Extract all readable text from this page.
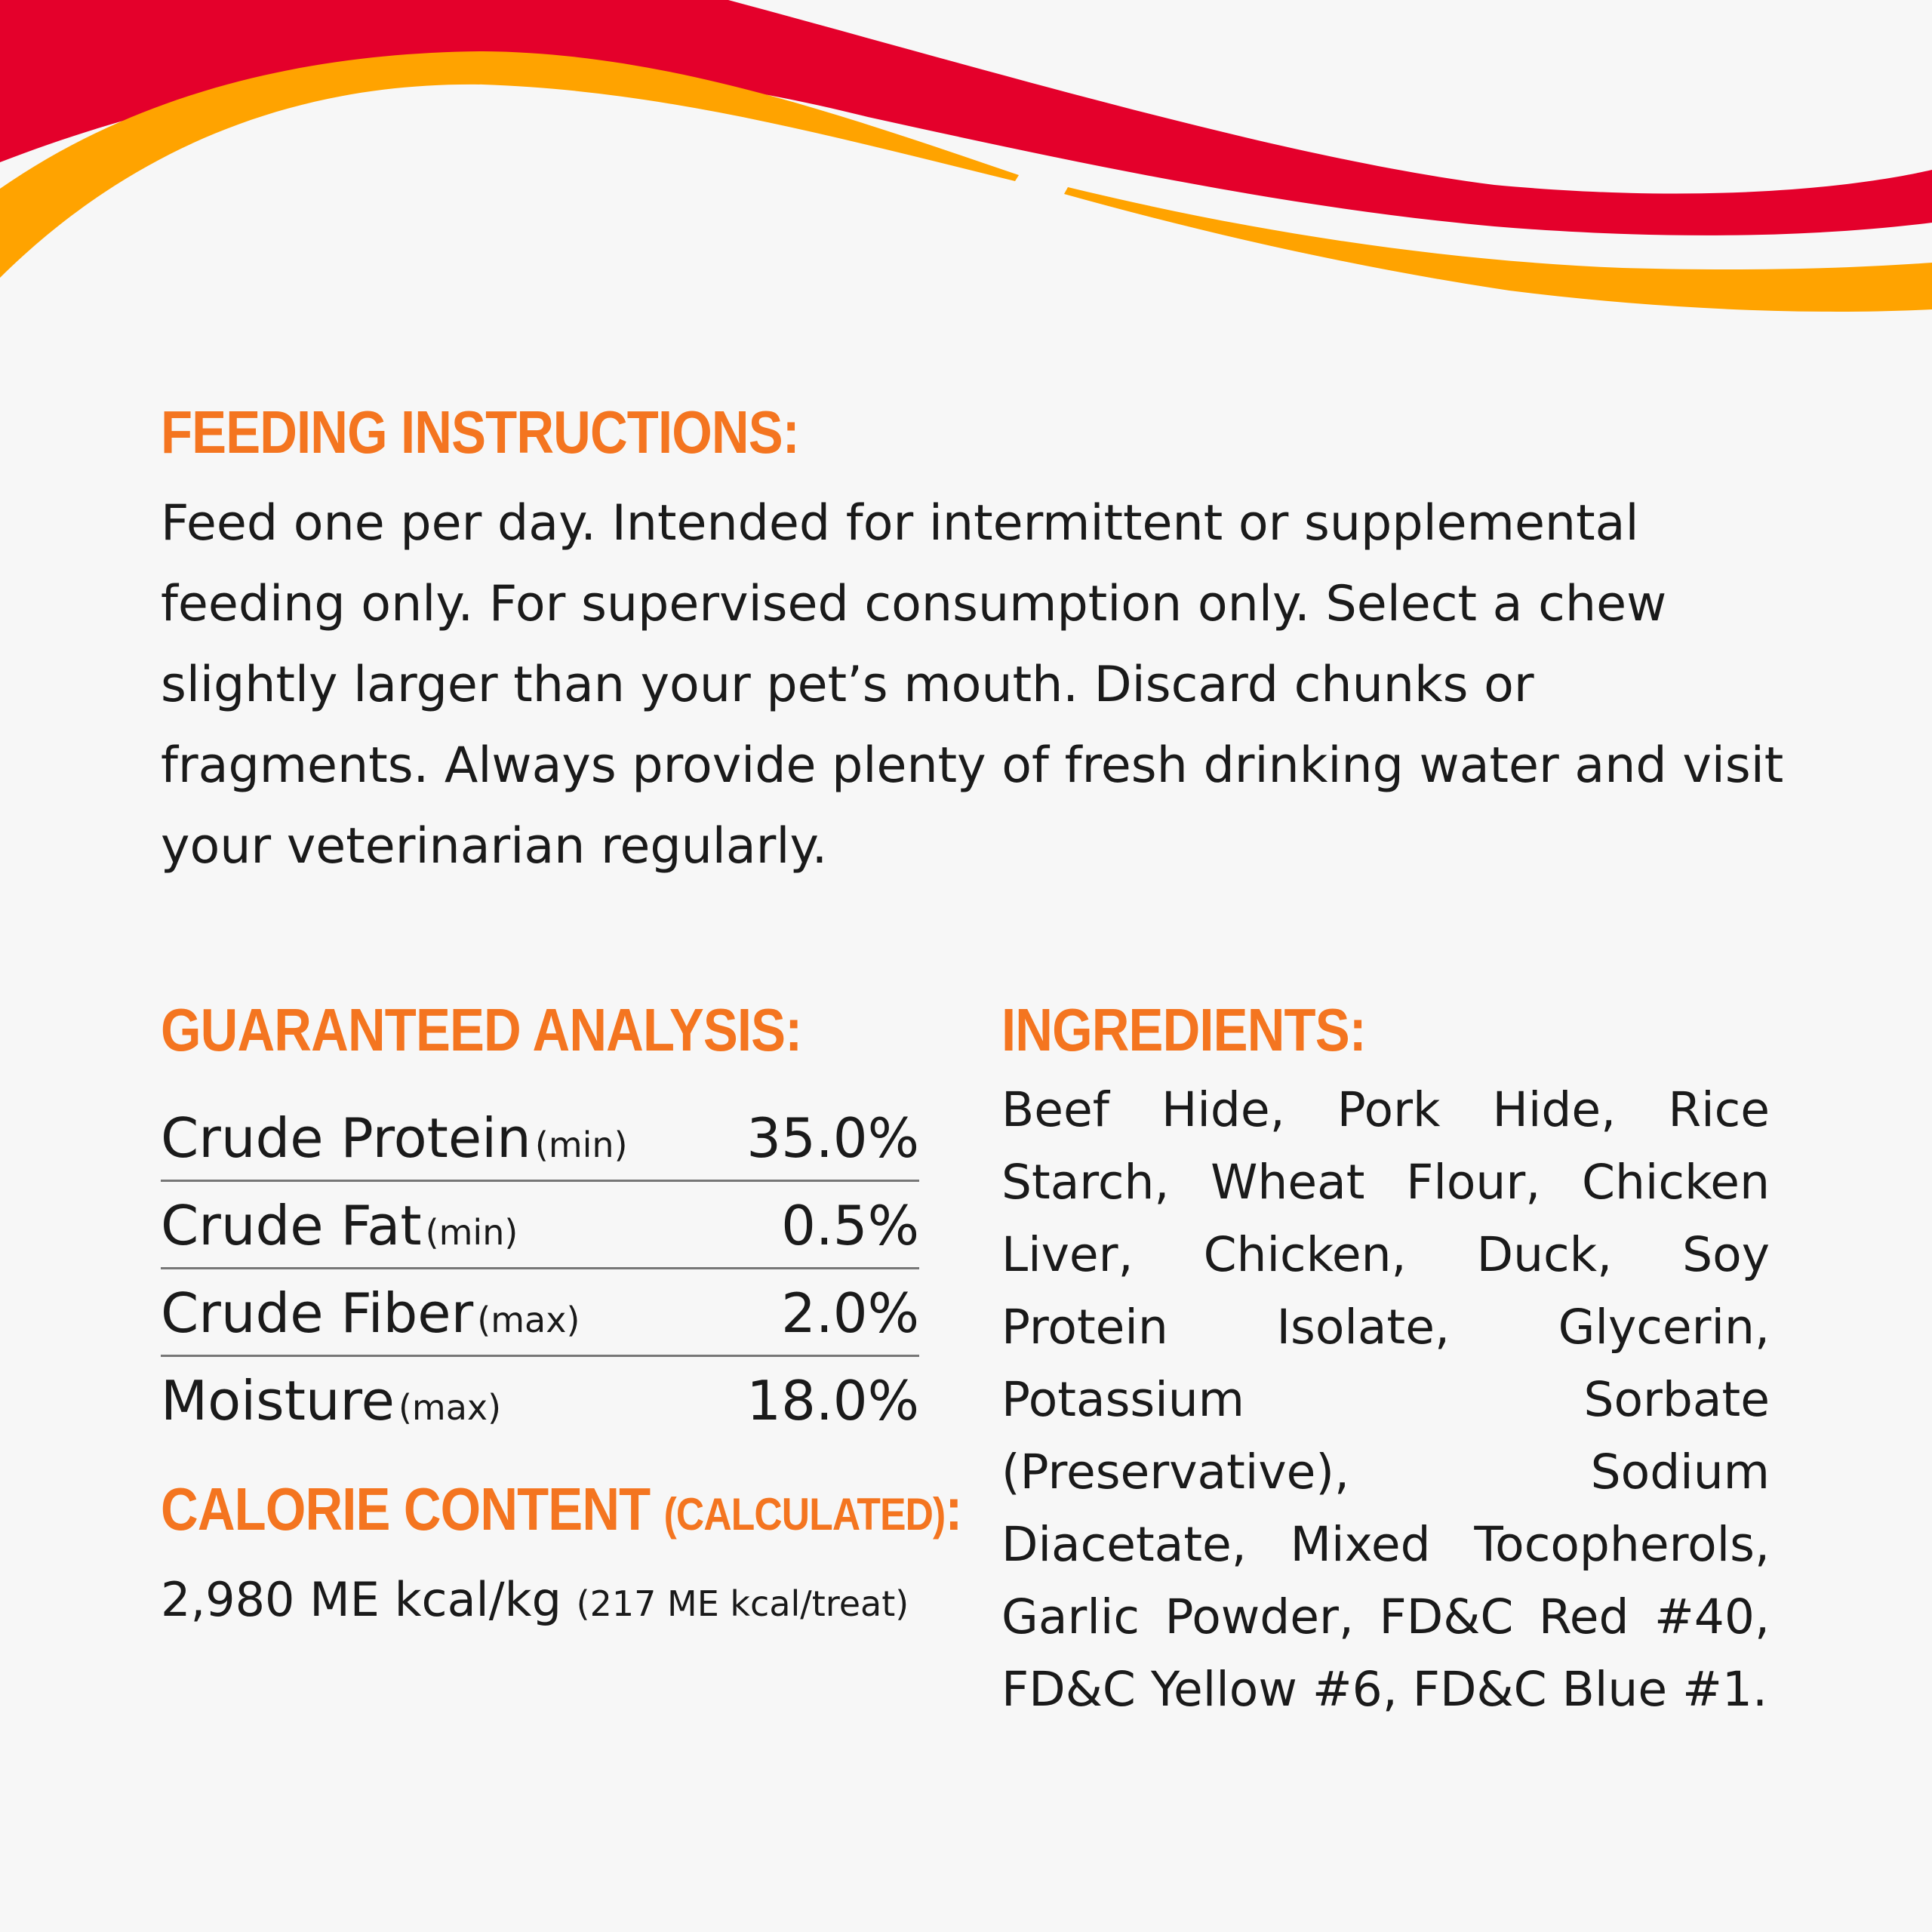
FEEDING INSTRUCTIONS:

Feed one per day. Intended for intermittent or supplemental feeding only. For supervised consumption only. Select a chew slightly larger than your pet’s mouth. Discard chunks or fragments. Always provide plenty of fresh drinking water and visit your veterinarian regularly.

GUARANTEED ANALYSIS:
Crude Protein (min) 35.0%
Crude Fat (min)	0.5%
Crude Fiber (max)	2.0%
Moisture (max)	18.0%
CALORIE CONTENT (CALCULATED):

2,980 ME kcal/kg (217 ME kcal/treat)

INGREDIENTS:

Beef Hide, Pork Hide, Rice Starch, Wheat Flour, Chicken Liver, Chicken, Duck, Soy Protein Isolate, Glycerin, Potassium Sorbate (Preservative), Sodium Diacetate, Mixed Tocopherols, Garlic Powder, FD&C Red #40, FD&C Yellow #6, FD&C Blue #1.
